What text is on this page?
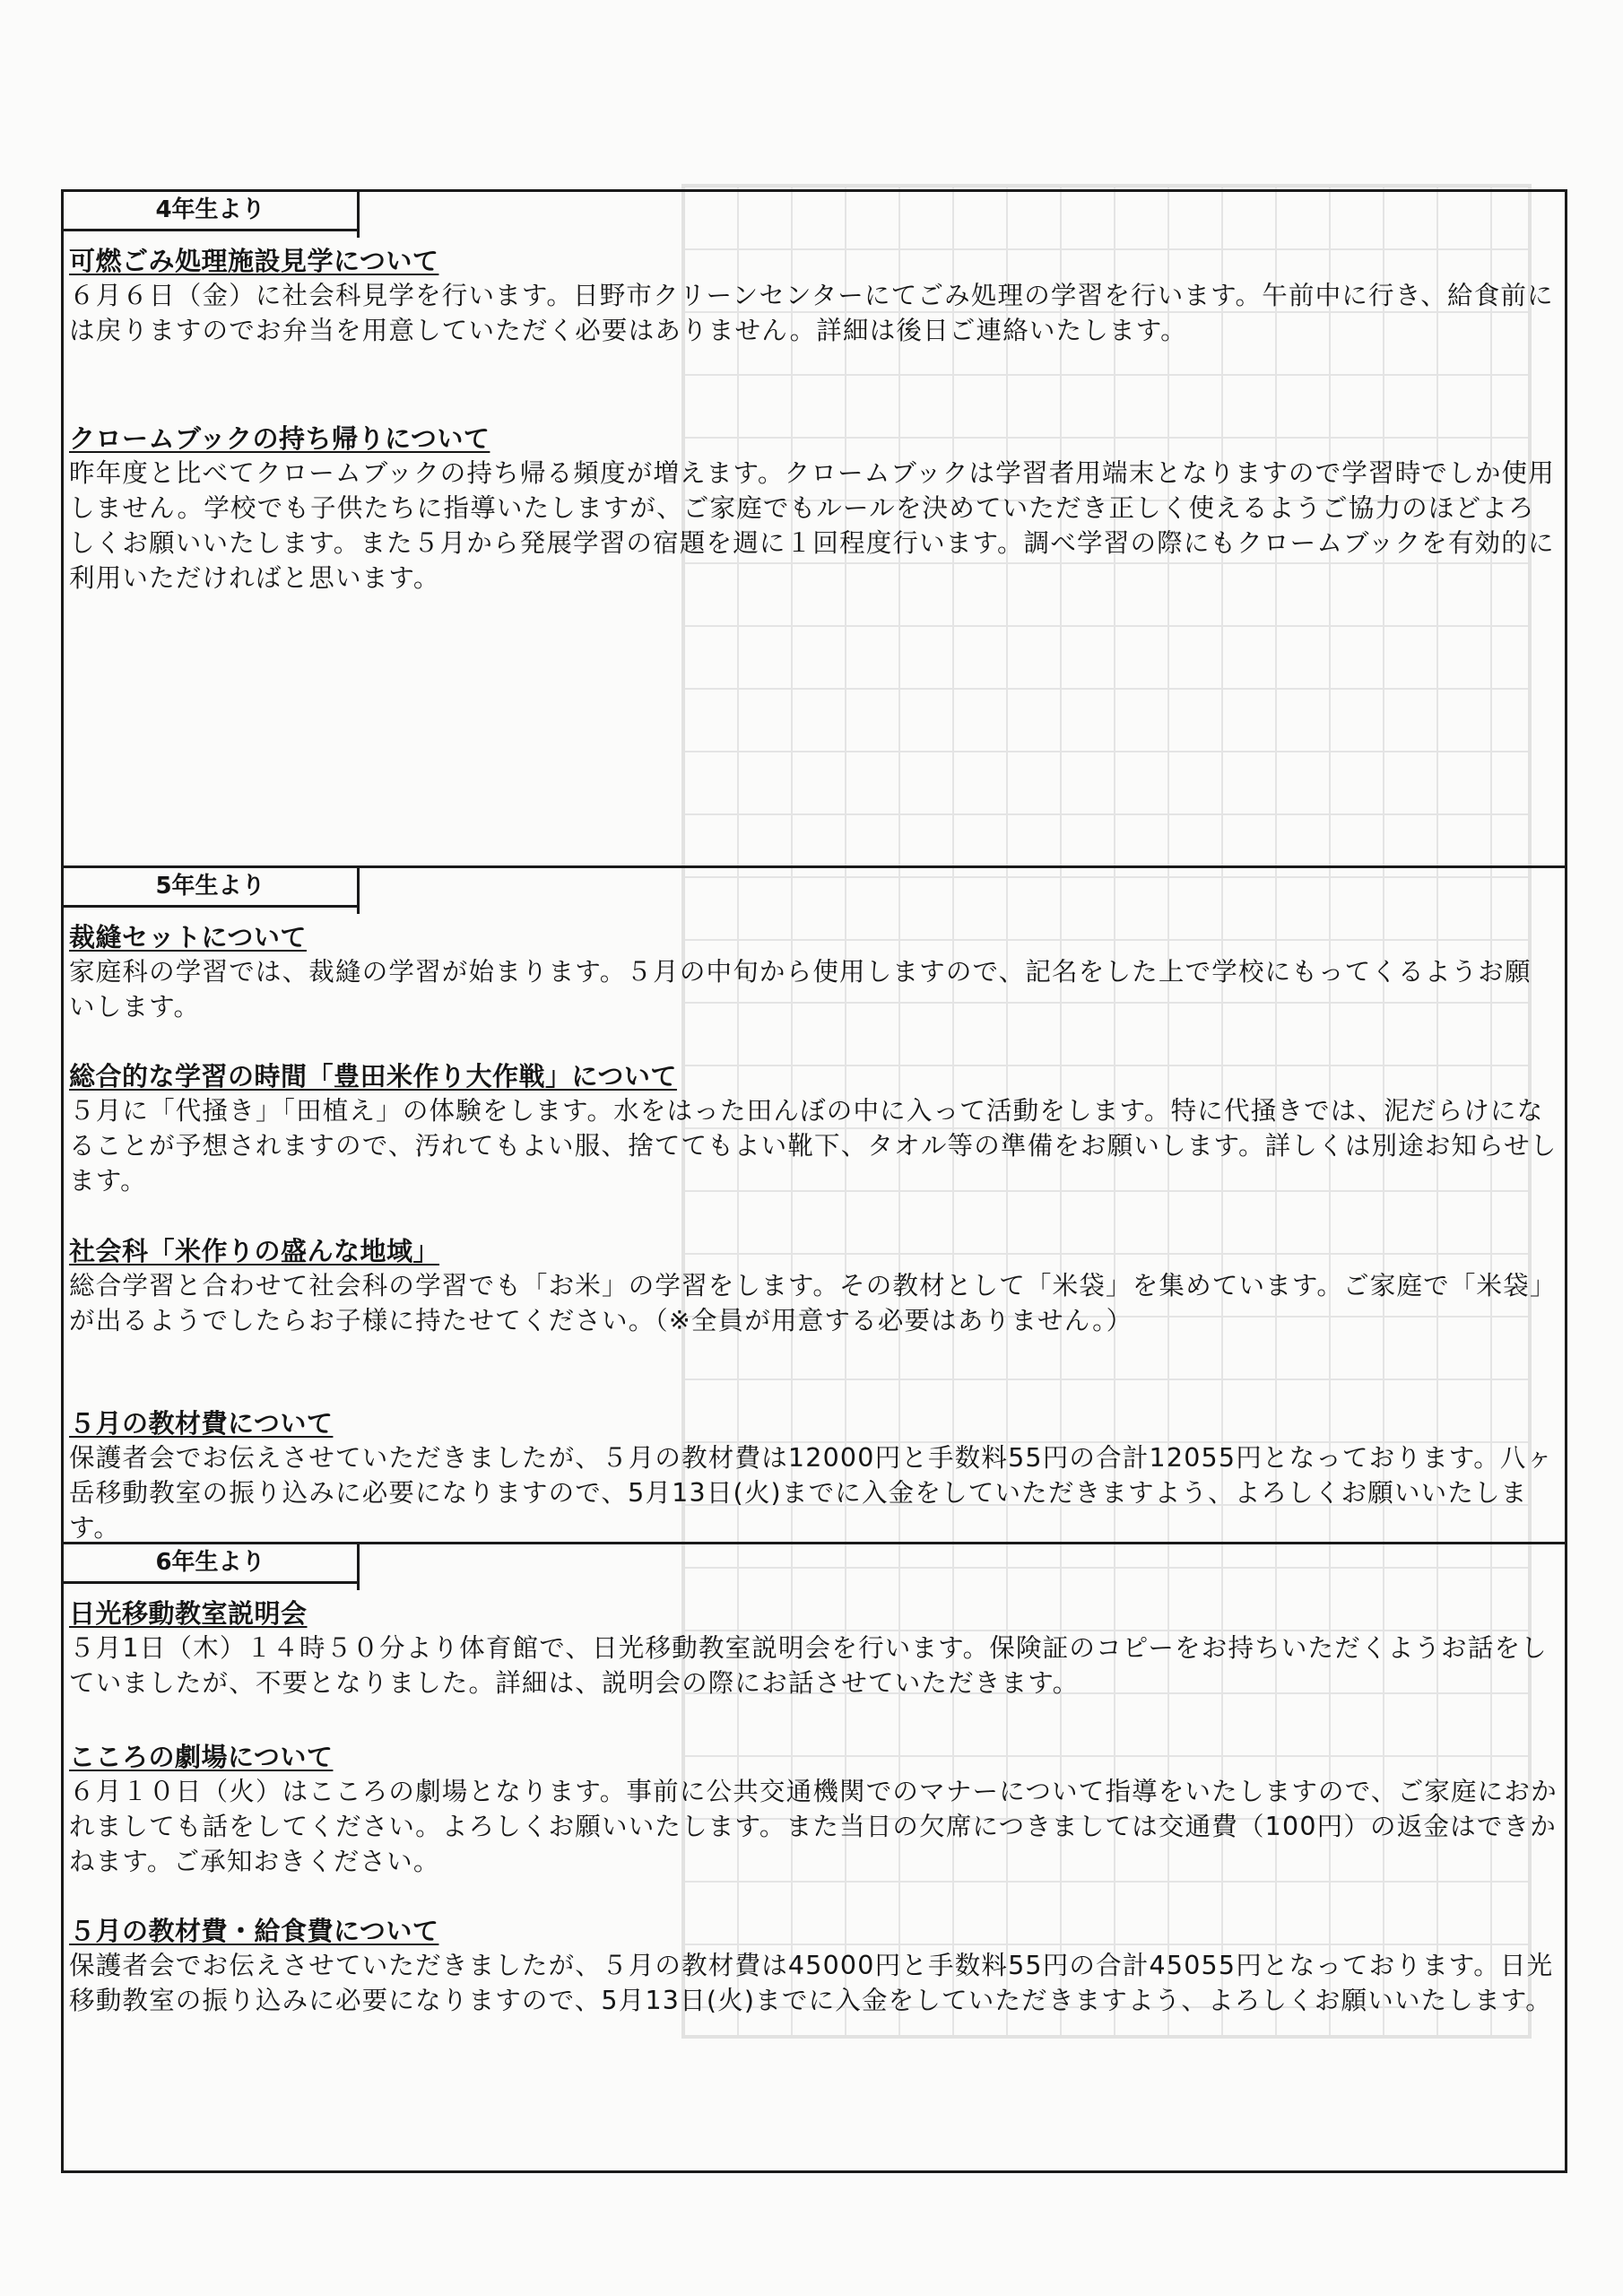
4年生より
可燃ごみ処理施設見学について
６月６日（金）に社会科見学を行います。日野市クリーンセンターにてごみ処理の学習を行います。午前中に行き、給食前には戻りますのでお弁当を用意していただく必要はありません。詳細は後日ご連絡いたします。
クロームブックの持ち帰りについて
昨年度と比べてクロームブックの持ち帰る頻度が増えます。クロームブックは学習者用端末となりますので学習時でしか使用しません。学校でも子供たちに指導いたしますが、ご家庭でもルールを決めていただき正しく使えるようご協力のほどよろしくお願いいたします。また５月から発展学習の宿題を週に１回程度行います。調べ学習の際にもクロームブックを有効的に利用いただければと思います。
5年生より
裁縫セットについて
家庭科の学習では、裁縫の学習が始まります。５月の中旬から使用しますので、記名をした上で学校にもってくるようお願いします。
総合的な学習の時間「豊田米作り大作戦」について
５月に「代掻き」「田植え」の体験をします。水をはった田んぼの中に入って活動をします。特に代掻きでは、泥だらけになることが予想されますので、汚れてもよい服、捨ててもよい靴下、タオル等の準備をお願いします。詳しくは別途お知らせします。
社会科「米作りの盛んな地域」
総合学習と合わせて社会科の学習でも「お米」の学習をします。その教材として「米袋」を集めています。ご家庭で「米袋」が出るようでしたらお子様に持たせてください。（※全員が用意する必要はありません。）
５月の教材費について
保護者会でお伝えさせていただきましたが、５月の教材費は12000円と手数料55円の合計12055円となっております。八ヶ岳移動教室の振り込みに必要になりますので、5月13日(火)までに入金をしていただきますよう、よろしくお願いいたします。
6年生より
日光移動教室説明会
５月1日（木）１４時５０分より体育館で、日光移動教室説明会を行います。保険証のコピーをお持ちいただくようお話をしていましたが、不要となりました。詳細は、説明会の際にお話させていただきます。
こころの劇場について
６月１０日（火）はこころの劇場となります。事前に公共交通機関でのマナーについて指導をいたしますので、ご家庭におかれましても話をしてください。よろしくお願いいたします。また当日の欠席につきましては交通費（100円）の返金はできかねます。ご承知おきください。
５月の教材費・給食費について
保護者会でお伝えさせていただきましたが、５月の教材費は45000円と手数料55円の合計45055円となっております。日光移動教室の振り込みに必要になりますので、5月13日(火)までに入金をしていただきますよう、よろしくお願いいたします。
